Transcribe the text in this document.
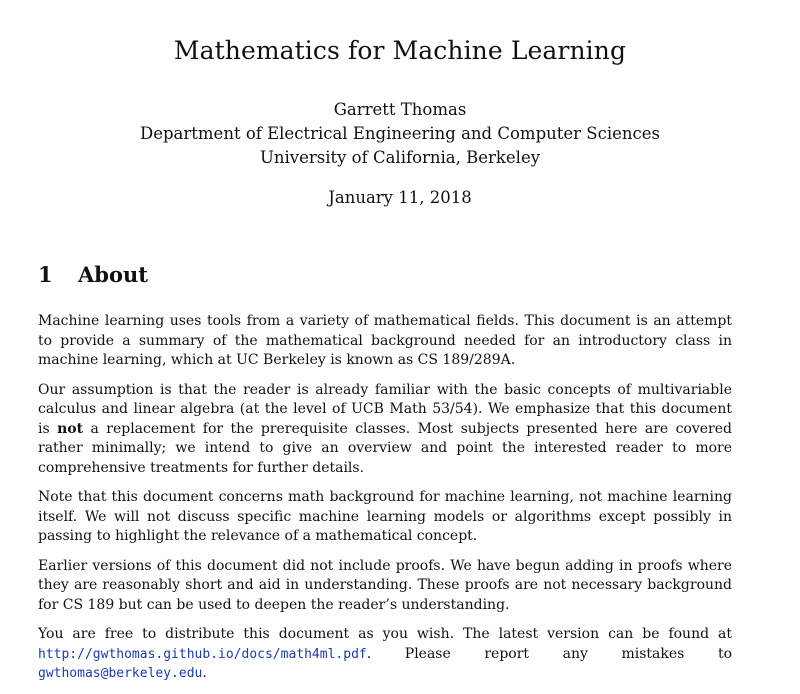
Mathematics for Machine Learning
Garrett Thomas
Department of Electrical Engineering and Computer Sciences
University of California, Berkeley
January 11, 2018
1 About

Machine learning uses tools from a variety of mathematical fields. This document is an attempt to provide a summary of the mathematical background needed for an introductory class in machine learning, which at UC Berkeley is known as CS 189/289A.

Our assumption is that the reader is already familiar with the basic concepts of multivariable calculus and linear algebra (at the level of UCB Math 53/54). We emphasize that this document is not a replacement for the prerequisite classes. Most subjects presented here are covered rather minimally; we intend to give an overview and point the interested reader to more comprehensive treatments for further details.

Note that this document concerns math background for machine learning, not machine learning itself. We will not discuss specific machine learning models or algorithms except possibly in passing to highlight the relevance of a mathematical concept.

Earlier versions of this document did not include proofs. We have begun adding in proofs where they are reasonably short and aid in understanding. These proofs are not necessary background for CS 189 but can be used to deepen the reader’s understanding.

You are free to distribute this document as you wish. The latest version can be found at http://gwthomas.github.io/docs/math4ml.pdf. Please report any mistakes to gwthomas@berkeley.edu.
